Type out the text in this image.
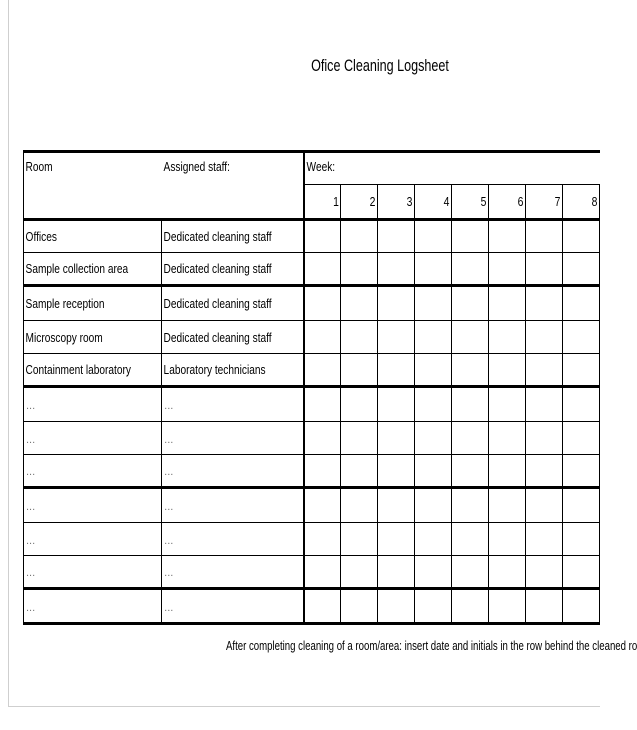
Ofice Cleaning Logsheet
Room	Assigned staff:	Week:							

		1	2	3	4	5	6	7	8

Offices	Dedicated cleaning staff								
Sample collection area	Dedicated cleaning staff								
Sample reception	Dedicated cleaning staff								
Microscopy room	Dedicated cleaning staff								
Containment laboratory	Laboratory technicians								
...	...								
...	...								
...	...								
...	...								
...	...								
...	...								
...	...								
After completing cleaning of a room/area: insert date and initials in the row behind the cleaned ro
